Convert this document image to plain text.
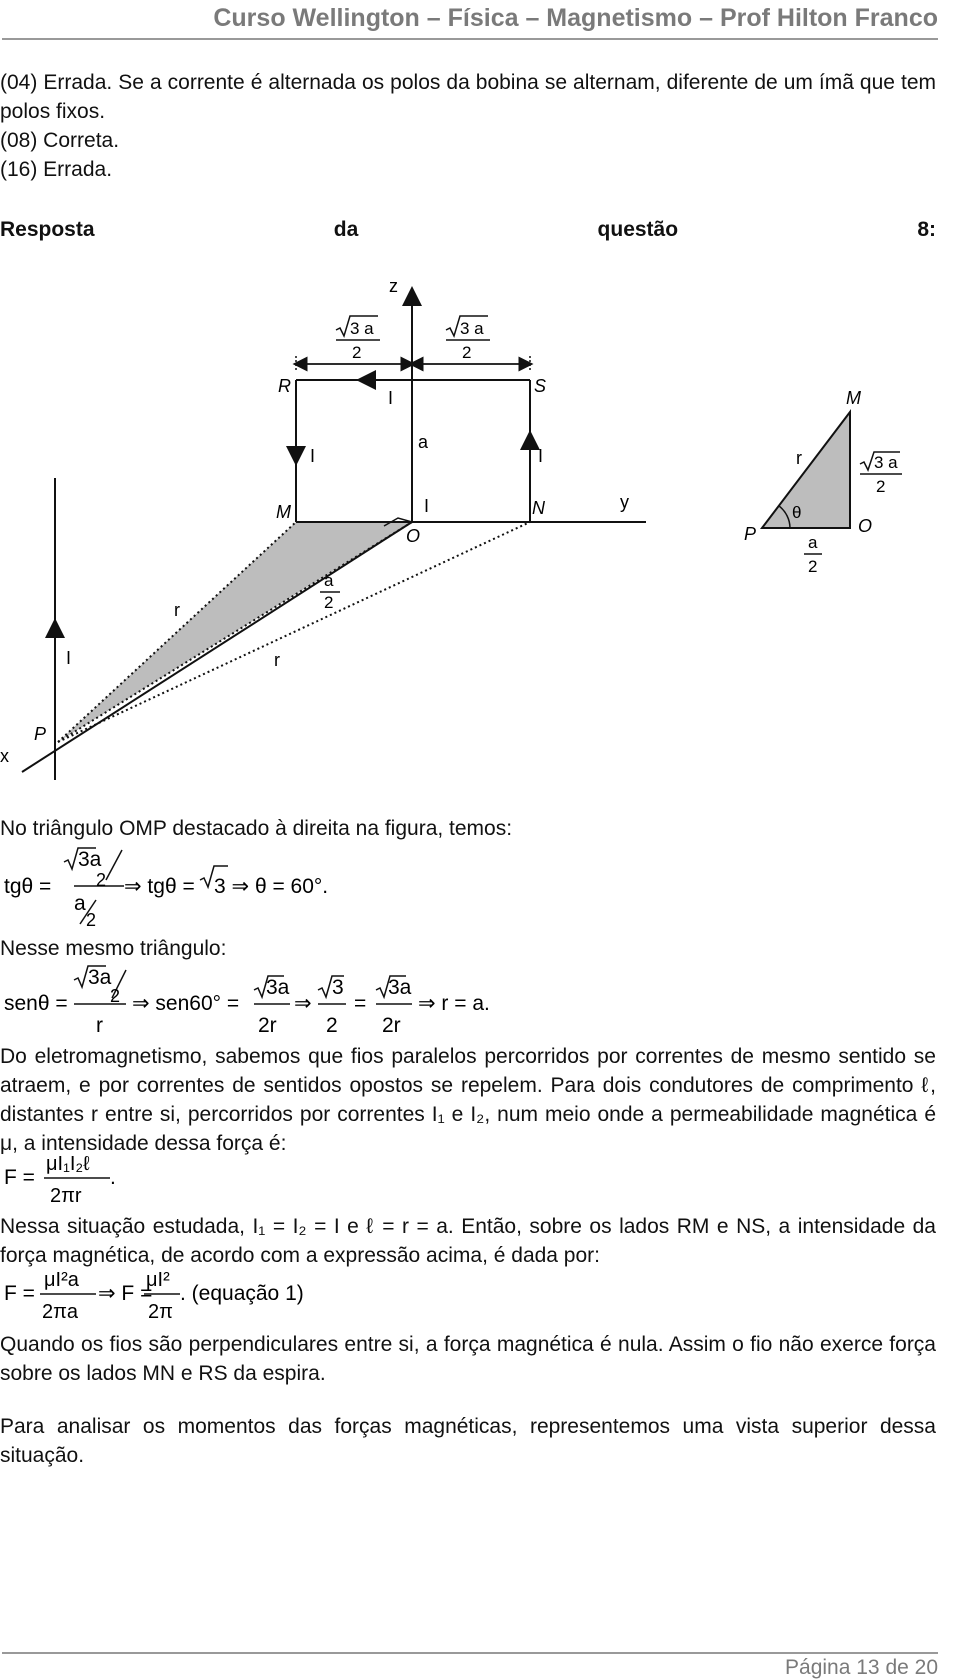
Curso Wellington – Física – Magnetismo – Prof Hilton Franco

(04) Errada. Se a corrente é alternada os polos da bobina se alternam, diferente de um ímã que tem polos fixos.

(08) Correta.

(16) Errada.

Resposta	da	questão	8:
z
y
x
3 a
2
3 a
2
R	S
I
I	I
a
M	I	N
O
a
2
r
r
I
P
θ
M
r
P	O
a
2
3 a
2

No triângulo OMP destacado à direita na figura, temos:

tgθ =
3a
2
a
2
⇒ tgθ = 3 ⇒ θ = 60°.

Nesse mesmo triângulo:

senθ =
3a
2
r
⇒ sen60° =
3a
2r
⇒
3
2
=
3a
2r
⇒ r = a.

Do eletromagnetismo, sabemos que fios paralelos percorridos por correntes de mesmo sentido se atraem, e por correntes de sentidos opostos se repelem. Para dois condutores de comprimento ℓ, distantes r entre si, percorridos por correntes I₁ e I₂, num meio onde a permeabilidade magnética é μ, a intensidade dessa força é:

F =
μI₁I₂ℓ
2πr
.

Nessa situação estudada, I₁ = I₂ = I e ℓ = r = a. Então, sobre os lados RM e NS, a intensidade da força magnética, de acordo com a expressão acima, é dada por:

F =
μI²a
2πa
⇒ F =
μI²
2π
. (equação 1)

Quando os fios são perpendiculares entre si, a força magnética é nula. Assim o fio não exerce força sobre os lados MN e RS da espira.

Para analisar os momentos das forças magnéticas, representemos uma vista superior dessa situação.

Página 13 de 20
